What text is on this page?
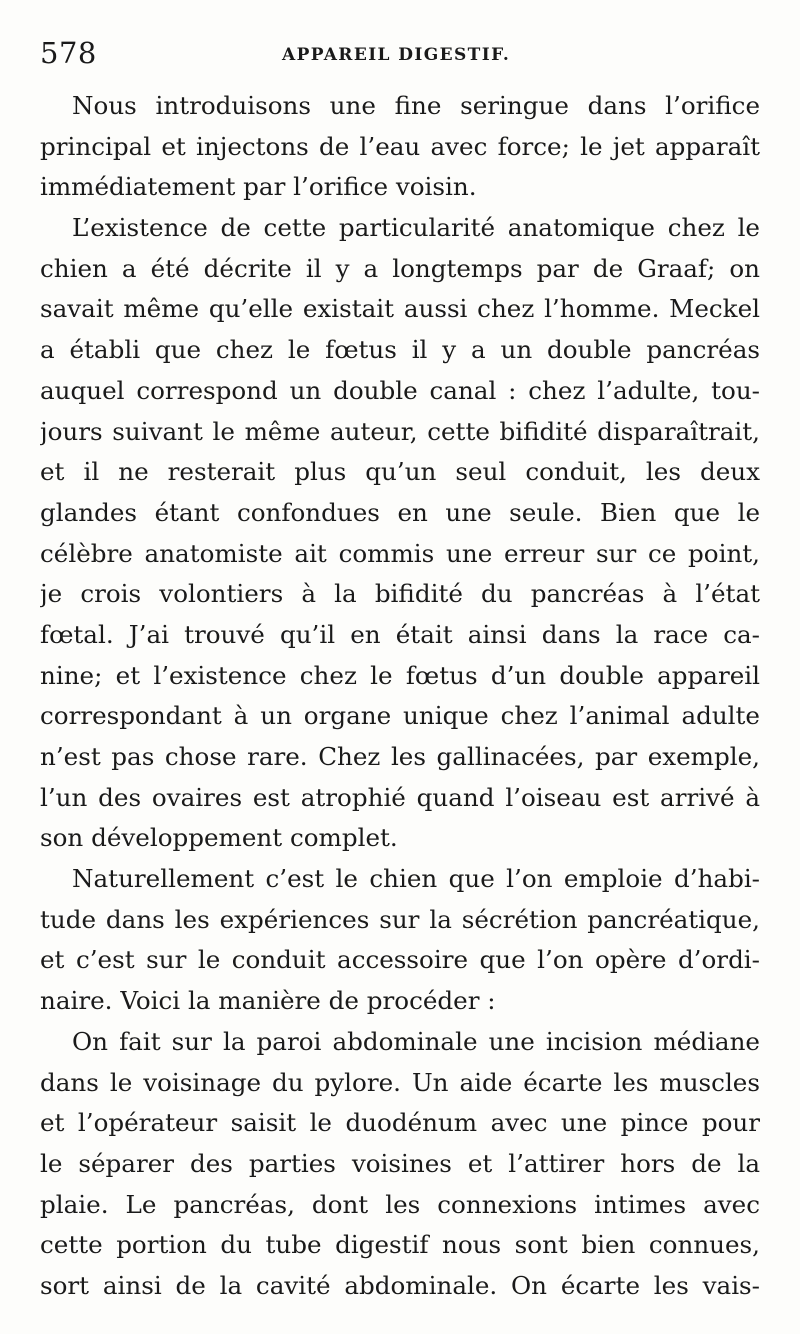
578	APPAREIL DIGESTIF.
Nous introduisons une fine seringue dans l’orifice
principal et injectons de l’eau avec force; le jet apparaît
immédiatement par l’orifice voisin.
L’existence de cette particularité anatomique chez le
chien a été décrite il y a longtemps par de Graaf; on
savait même qu’elle existait aussi chez l’homme. Meckel
a établi que chez le fœtus il y a un double pancréas
auquel correspond un double canal : chez l’adulte, tou-
jours suivant le même auteur, cette bifidité disparaîtrait,
et il ne resterait plus qu’un seul conduit, les deux
glandes étant confondues en une seule. Bien que le
célèbre anatomiste ait commis une erreur sur ce point,
je crois volontiers à la bifidité du pancréas à l’état
fœtal. J’ai trouvé qu’il en était ainsi dans la race ca-
nine; et l’existence chez le fœtus d’un double appareil
correspondant à un organe unique chez l’animal adulte
n’est pas chose rare. Chez les gallinacées, par exemple,
l’un des ovaires est atrophié quand l’oiseau est arrivé à
son développement complet.
Naturellement c’est le chien que l’on emploie d’habi-
tude dans les expériences sur la sécrétion pancréatique,
et c’est sur le conduit accessoire que l’on opère d’ordi-
naire. Voici la manière de procéder :
On fait sur la paroi abdominale une incision médiane
dans le voisinage du pylore. Un aide écarte les muscles
et l’opérateur saisit le duodénum avec une pince pour
le séparer des parties voisines et l’attirer hors de la
plaie. Le pancréas, dont les connexions intimes avec
cette portion du tube digestif nous sont bien connues,
sort ainsi de la cavité abdominale. On écarte les vais-
